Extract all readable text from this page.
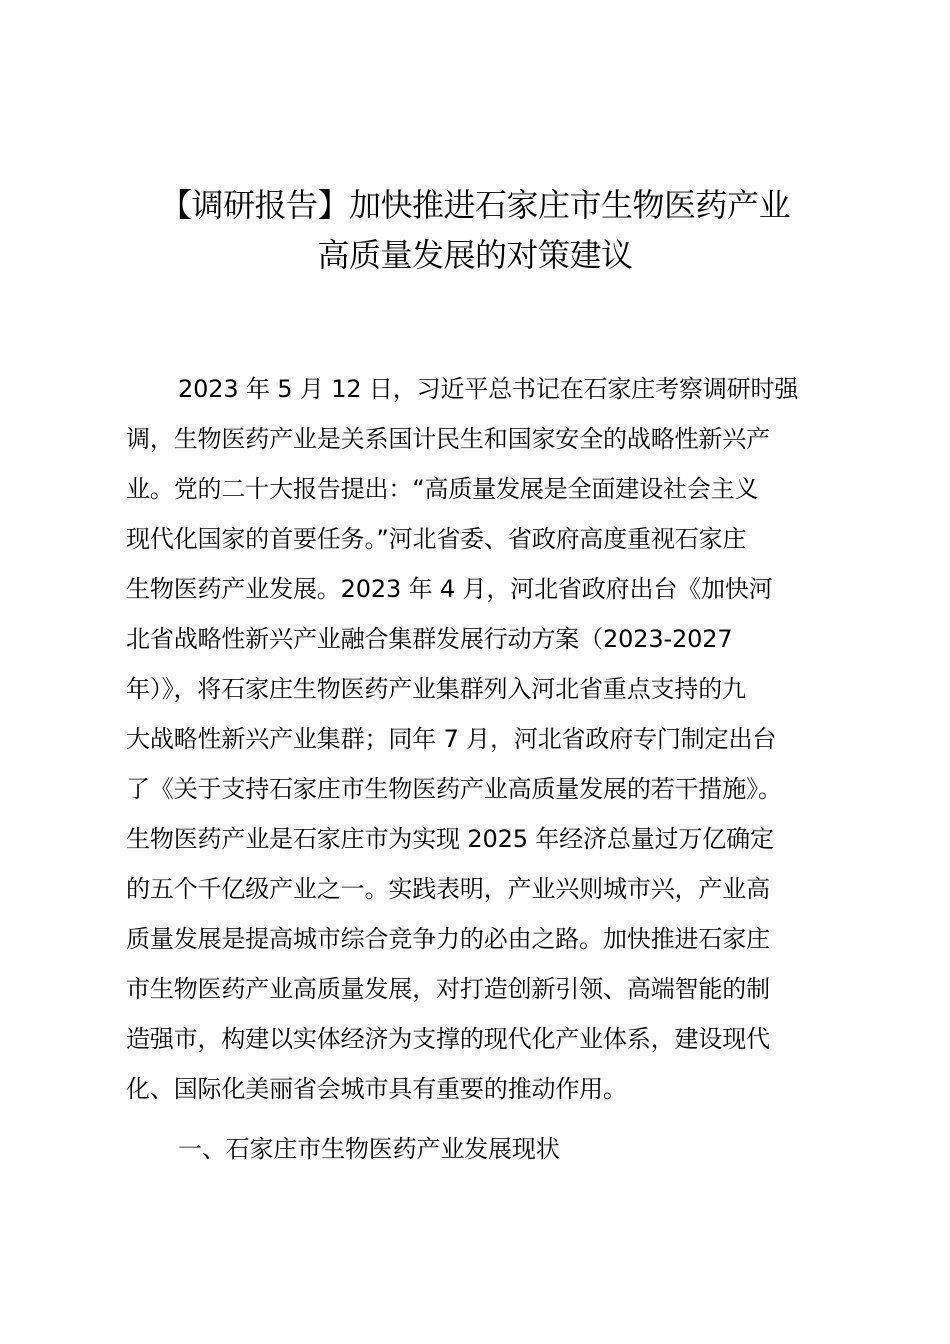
【调研报告】加快推进石家庄市生物医药产业
高质量发展的对策建议
2023 年 5 月 12 日，习近平总书记在石家庄考察调研时强
调，生物医药产业是关系国计民生和国家安全的战略性新兴产
业。党的二十大报告提出：“高质量发展是全面建设社会主义
现代化国家的首要任务。”河北省委、省政府高度重视石家庄
生物医药产业发展。2023 年 4 月，河北省政府出台《加快河
北省战略性新兴产业融合集群发展行动方案（2023-2027
年）》，将石家庄生物医药产业集群列入河北省重点支持的九
大战略性新兴产业集群；同年 7 月，河北省政府专门制定出台
了《关于支持石家庄市生物医药产业高质量发展的若干措施》。
生物医药产业是石家庄市为实现 2025 年经济总量过万亿确定
的五个千亿级产业之一。实践表明，产业兴则城市兴，产业高
质量发展是提高城市综合竞争力的必由之路。加快推进石家庄
市生物医药产业高质量发展，对打造创新引领、高端智能的制
造强市，构建以实体经济为支撑的现代化产业体系，建设现代
化、国际化美丽省会城市具有重要的推动作用。
一、石家庄市生物医药产业发展现状
